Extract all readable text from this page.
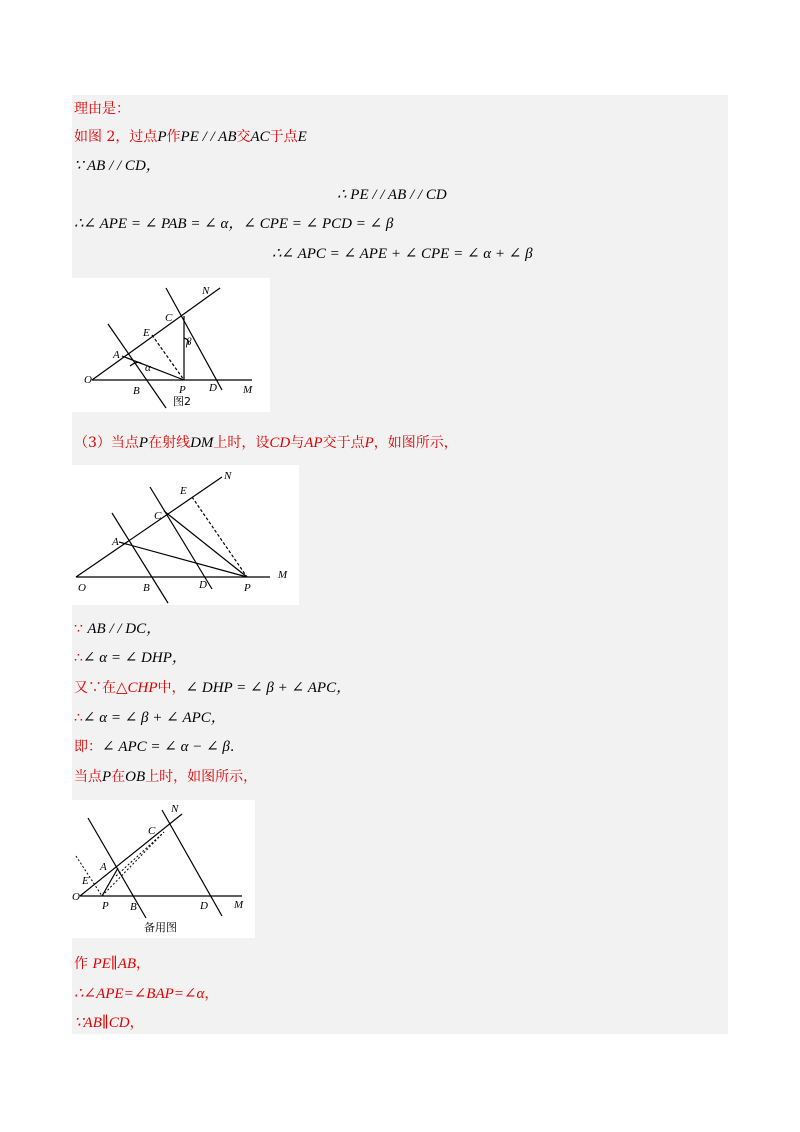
理由是：
如图 2，过点P作PE / / AB交AC于点E
∵ AB / / CD，
∴ PE / / AB / / CD
∴∠ APE = ∠ PAB = ∠ α，∠ CPE = ∠ PCD = ∠ β
∴∠ APC = ∠ APE + ∠ CPE = ∠ α + ∠ β
N
C
E
A
α
β
O
B	P D M
图2
（3）当点P在射线DM上时，设CD与AP交于点P，如图所示，
N
E
C
A
O	B	D	P
M
∵ AB / / DC，
∴∠ α = ∠ DHP，
又∵在△CHP中，∠ DHP = ∠ β + ∠ APC，
∴∠ α = ∠ β + ∠ APC，
即：∠ APC = ∠ α − ∠ β.
当点P在OB上时，如图所示，
N
C
A
E
O
P B	D M
备用图
作 PE∥AB，
∴∠APE=∠BAP=∠α，
∵AB∥CD，
